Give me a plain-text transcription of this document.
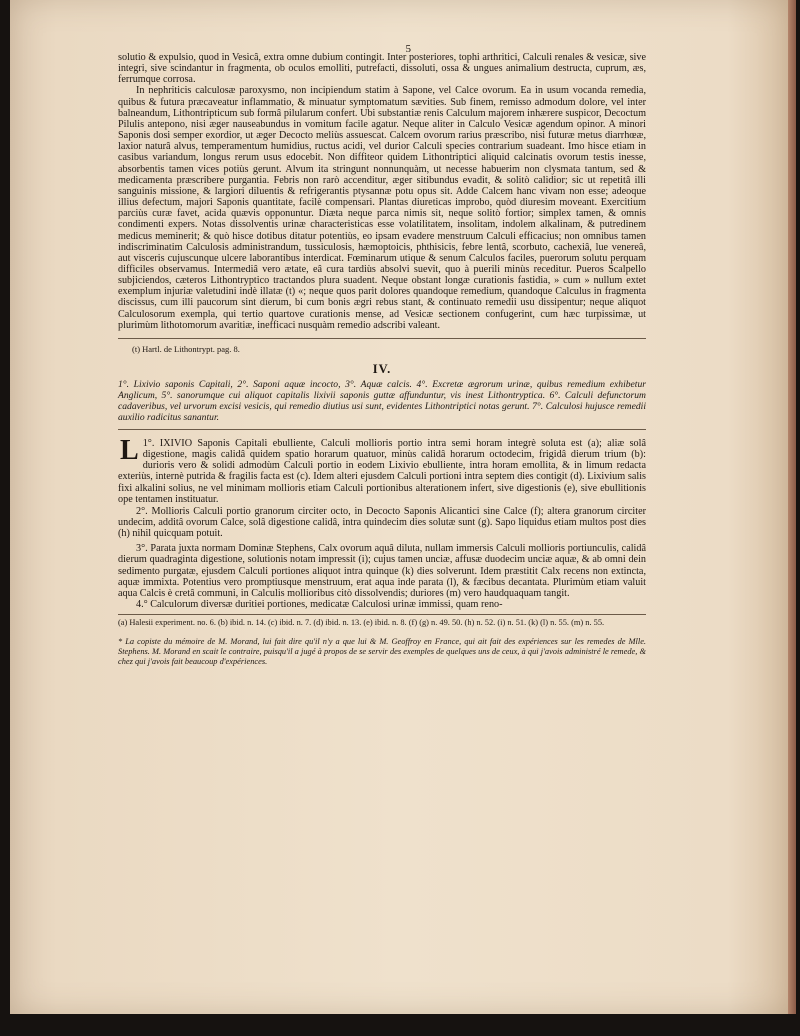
5

solutio & expulsio, quod in Vesicâ, extra omne dubium contingit. Inter posteriores, tophi arthritici, Calculi renales & vesicæ, sive integri, sive scindantur in fragmenta, ob oculos emolliti, putrefacti, dissoluti, ossa & ungues animalium destructa, cuprum, æs, ferrumque corrosa.

In nephriticis calculosæ paroxysmo, non incipiendum statim à Sapone, vel Calce ovorum. Ea in usum vocanda remedia, quibus & futura præcaveatur inflammatio, & minuatur symptomatum sævities. Sub finem, remisso admodum dolore, vel inter balneandum, Lithontripticum sub formâ pilularum confert. Ubi substantiæ renis Calculum majorem inhærere suspicor, Decoctum Pilulis antepono, nisi æger nauseabundus in vomitum facile agatur. Neque aliter in Calculo Vesicæ agendum opinor. A minori Saponis dosi semper exordior, ut æger Decocto meliùs assuescat. Calcem ovorum rarius præscribo, nisi futuræ metus diarrhœæ, laxior naturâ alvus, temperamentum humidius, ructus acidi, vel durior Calculi species contrarium suadeant. Imo hisce etiam in casibus variandum, longus rerum usus edocebit. Non diffiteor quidem Lithontriptici aliquid calcinatis ovorum testis inesse, absorbentis tamen vices potiùs gerunt. Alvum ita stringunt nonnunquàm, ut necesse habuerim non clysmata tantum, sed & medicamenta præscribere purgantia. Febris non rarò accenditur, æger sitibundus evadit, & solitò calidior; sic ut repetitâ illi sanguinis missione, & largiori diluentis & refrigerantis ptysannæ potu opus sit. Adde Calcem hanc vivam non esse; adeoque illius defectum, majori Saponis quantitate, facilè compensari. Plantas diureticas improbo, quòd diuresim moveant. Exercitium parciùs curæ favet, acida quævis opponuntur. Diæta neque parca nimis sit, neque solitò fortior; simplex tamen, & omnis condimenti expers. Notas dissolventis urinæ characteristicas esse volatilitatem, insolitam, indolem alkalinam, & putredinem medicus meminerit; & quò hisce dotibus ditatur potentiùs, eo ipsam evadere menstruum Calculi efficacius; non omnibus tamen indiscriminatim Calculosis administrandum, tussiculosis, hæmoptoicis, phthisicis, febre lentâ, scorbuto, cachexiâ, lue venereâ, aut visceris cujuscunque ulcere laborantibus interdicat. Fœminarum utique & senum Calculos faciles, puerorum solutu perquam difficiles observamus. Intermediâ vero ætate, eâ cura tardiùs absolvi suevit, quo à puerili minùs receditur. Pueros Scalpello subjiciendos, cæteros Lithontryptico tractandos plura suadent. Neque obstant longæ curationis fastidia, » cum » nullum extet exemplum injuriæ valetudini indè illatæ (t) «; neque quos parit dolores quandoque remedium, quandoque Calculus in fragmenta discissus, cum illi paucorum sint dierum, bi cum bonis ægri rebus stant, & continuato remedii usu dissipentur; neque aliquot Calculosorum exempla, qui tertio quartove curationis mense, ad Vesicæ sectionem confugerint, cum hæc turpissimæ, ut plurimùm lithotomorum avaritiæ, inefficaci nusquàm remedio adscribi valeant.

(t) Hartl. de Lithontrypt. pag. 8.

IV.

1°. Lixivio saponis Capitali, 2°. Saponi aquæ incocto, 3°. Aquæ calcis. 4°. Excretæ ægrorum urinæ, quibus remedium exhibetur Anglicum, 5°. sanorumque cui aliquot capitalis lixivii saponis guttæ affunduntur, vis inest Lithontryptica. 6°. Calculi defunctorum cadaveribus, vel urvorum excisi vesicis, qui remedio diutius usi sunt, evidentes Lithontriptici notas gerunt. 7°. Calculosi hujusce remedii auxilio radicitus sanantur.

1°.
L IXIVIO Saponis Capitali ebulliente, Calculi mollioris portio intra semi horam integrè soluta est (a); aliæ solâ digestione, magis calidâ quidem spatio horarum quatuor, minùs calidâ horarum octodecim, frigidâ dierum trium (b): durioris vero & solidi admodùm Calculi portio in eodem Lixivio ebulliente, intra horam emollita, & in limum redacta exteriùs, internè putrida & fragilis facta est (c). Idem alteri ejusdem Calculi portioni intra septem dies contigit (d). Lixivium salis fixi alkalini solius, ne vel minimam mollioris etiam Calculi portionibus alterationem infert, sive digestionis (e), sive ebullitionis ope tentamen instituatur.

2°. Mollioris Calculi portio granorum circiter octo, in Decocto Saponis Alicantici sine Calce (f); altera granorum circiter undecim, additâ ovorum Calce, solâ digestione calidâ, intra quindecim dies solutæ sunt (g). Sapo liquidus etiam multos post dies (h) nihil quicquam potuit.

3°. Parata juxta normam Dominæ Stephens, Calx ovorum aquâ diluta, nullam immersis Calculi mollioris portiunculis, calidâ dierum quadraginta digestione, solutionis notam impressit (i); cujus tamen unciæ, affusæ duodecim unciæ aquæ, & ab omni dein sedimento purgatæ, ejusdem Calculi portiones aliquot intra quinque (k) dies solverunt. Idem præstitit Calx recens non extincta, aquæ immixta. Potentius vero promptiusque menstruum, erat aqua inde parata (l), & fæcibus decantata. Plurimùm etiam valuit aqua Calcis è cretâ communi, in Calculis mollioribus citò dissolvendis; duriores (m) vero haudquaquam tangit.

4.° Calculorum diversæ duritiei portiones, medicatæ Calculosi urinæ immissi, quam reno-

(a) Halesii experiment. no. 6. (b) ibid. n. 14. (c) ibid. n. 7. (d) ibid. n. 13. (e) ibid. n. 8. (f) (g) n. 49. 50. (h) n. 52. (i) n. 51. (k) (l) n. 55. (m) n. 55.

* La copiste du mémoire de M. Morand, lui fait dire qu'il n'y a que lui & M. Geoffroy en France, qui ait fait des expériences sur les remedes de Mlle. Stephens. M. Morand en scait le contraire, puisqu'il a jugé à propos de se servir des exemples de quelques uns de ceux, à qui j'avois administré le remede, & chez qui j'avois fait beaucoup d'expériences.
